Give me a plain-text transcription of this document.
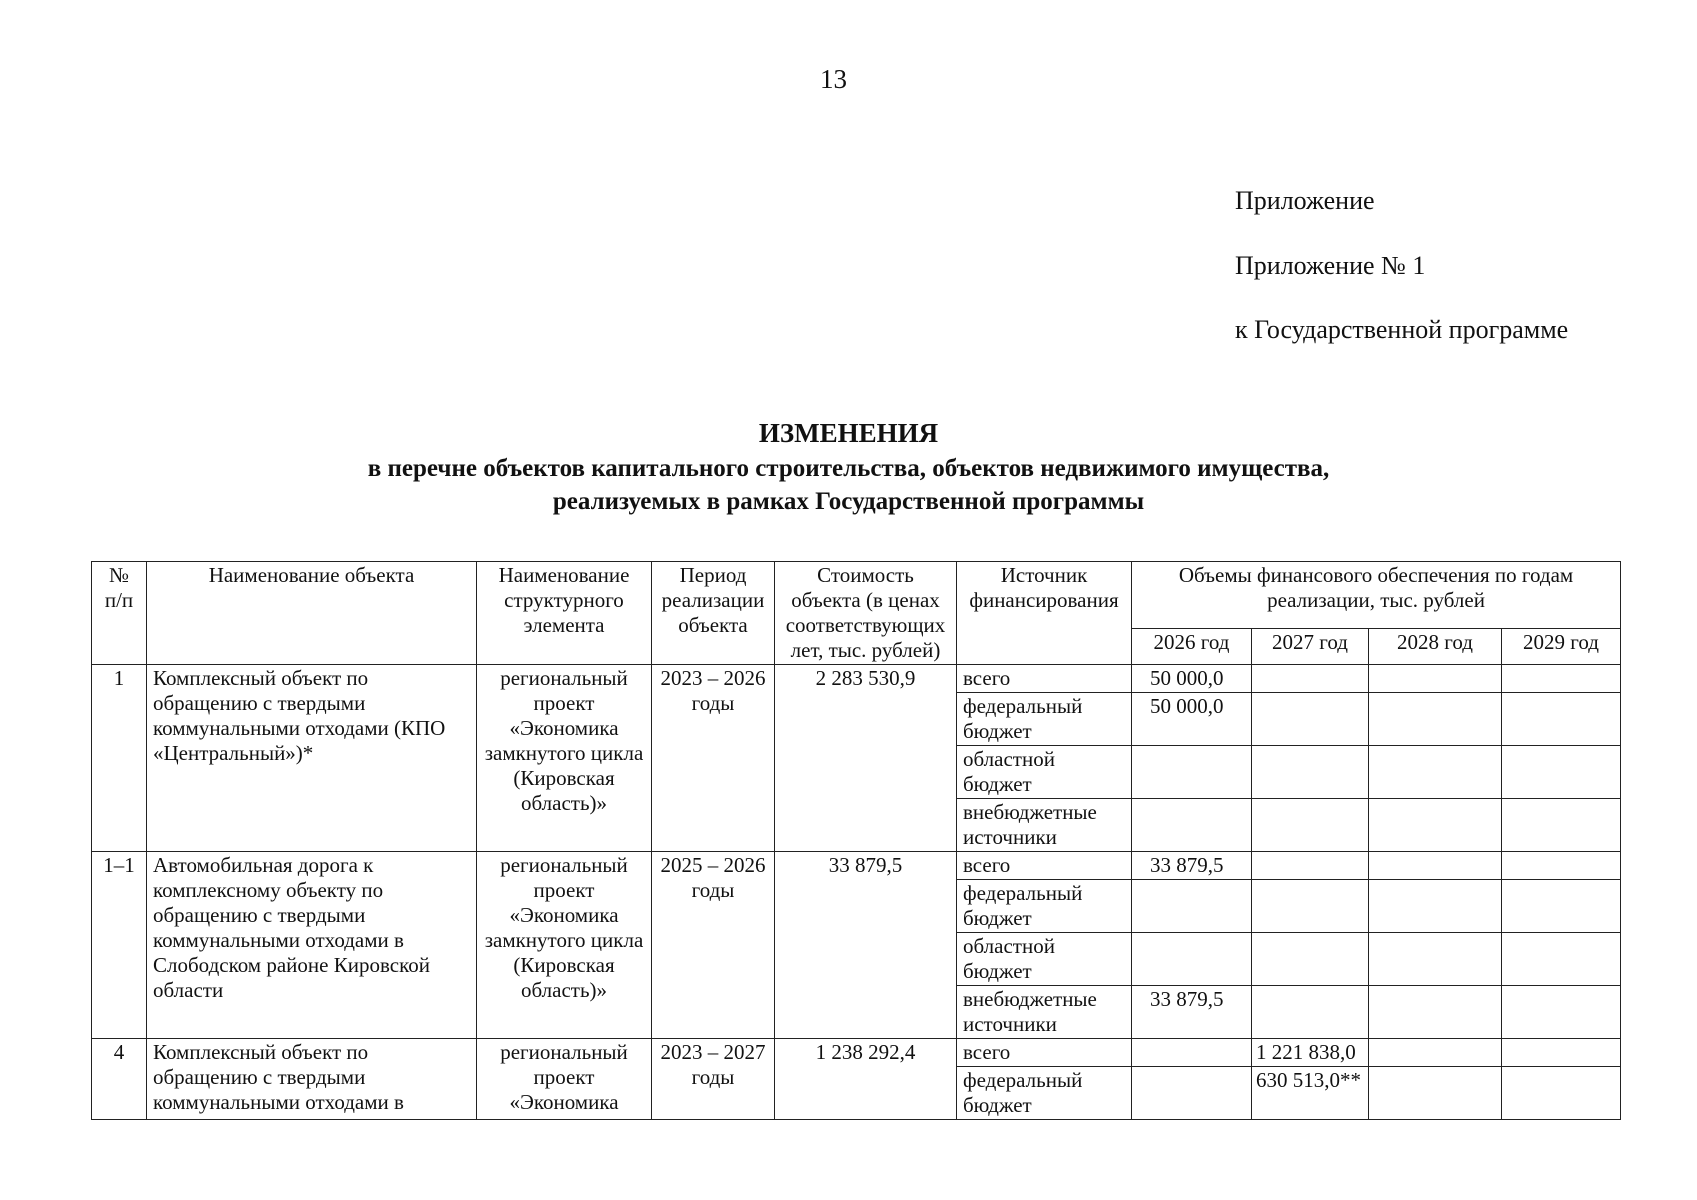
13
Приложение
Приложение № 1
к Государственной программе
ИЗМЕНЕНИЯ
в перечне объектов капитального строительства, объектов недвижимого имущества,
реализуемых в рамках Государственной программы
№ п/п	Наименование объекта	Наименование структурного элемента	Период реализации объекта	Стоимость объекта (в ценах соответствующих лет, тыс. рублей)	Источник финансирования	Объемы финансового обеспечения по годам реализации, тыс. рублей			
						2026 год	2027 год	2028 год	2029 год
1	Комплексный объект по обращению с твердыми коммунальными отходами (КПО «Центральный»)*	региональный проект «Экономика замкнутого цикла (Кировская область)»	2023 – 2026 годы	2 283 530,9	всего	50 000,0			
					федеральный бюджет	50 000,0			
					областной бюджет				
					внебюджетные источники				
1–1	Автомобильная дорога к комплексному объекту по обращению с твердыми коммунальными отходами в Слободском районе Кировской области	региональный проект «Экономика замкнутого цикла (Кировская область)»	2025 – 2026 годы	33 879,5	всего	33 879,5			
					федеральный бюджет				
					областной бюджет				
					внебюджетные источники	33 879,5			
4	Комплексный объект по обращению с твердыми коммунальными отходами в	региональный проект «Экономика	2023 – 2027 годы	1 238 292,4	всего		1 221 838,0		
					федеральный бюджет		630 513,0**		
